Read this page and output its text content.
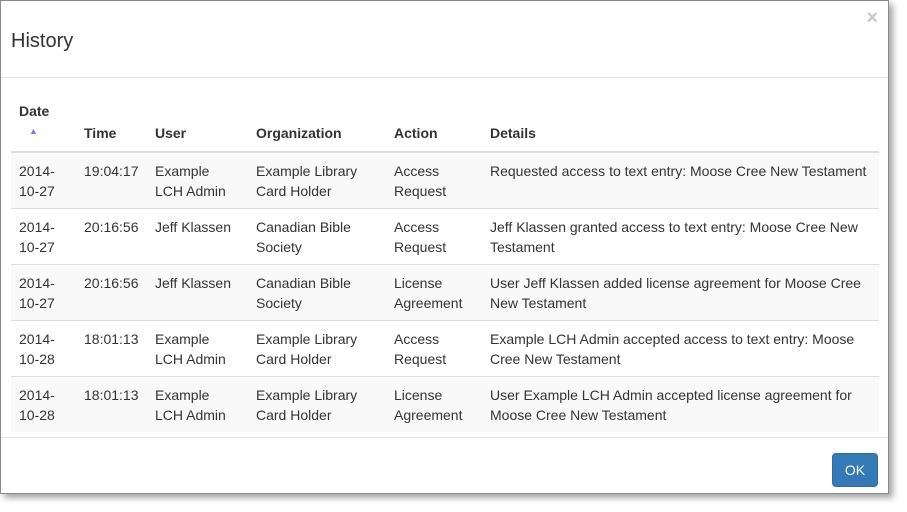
History
×
Date▲	Time	User	Organization	Action	Details
2014-10-27	19:04:17	Example LCH Admin	Example Library Card Holder	Access Request	Requested access to text entry: Moose Cree New Testament
2014-10-27	20:16:56	Jeff Klassen	Canadian Bible Society	Access Request	Jeff Klassen granted access to text entry: Moose Cree New Testament
2014-10-27	20:16:56	Jeff Klassen	Canadian Bible Society	License Agreement	User Jeff Klassen added license agreement for Moose Cree New Testament
2014-10-28	18:01:13	Example LCH Admin	Example Library Card Holder	Access Request	Example LCH Admin accepted access to text entry: Moose Cree New Testament
2014-10-28	18:01:13	Example LCH Admin	Example Library Card Holder	License Agreement	User Example LCH Admin accepted license agreement for Moose Cree New Testament
OK
